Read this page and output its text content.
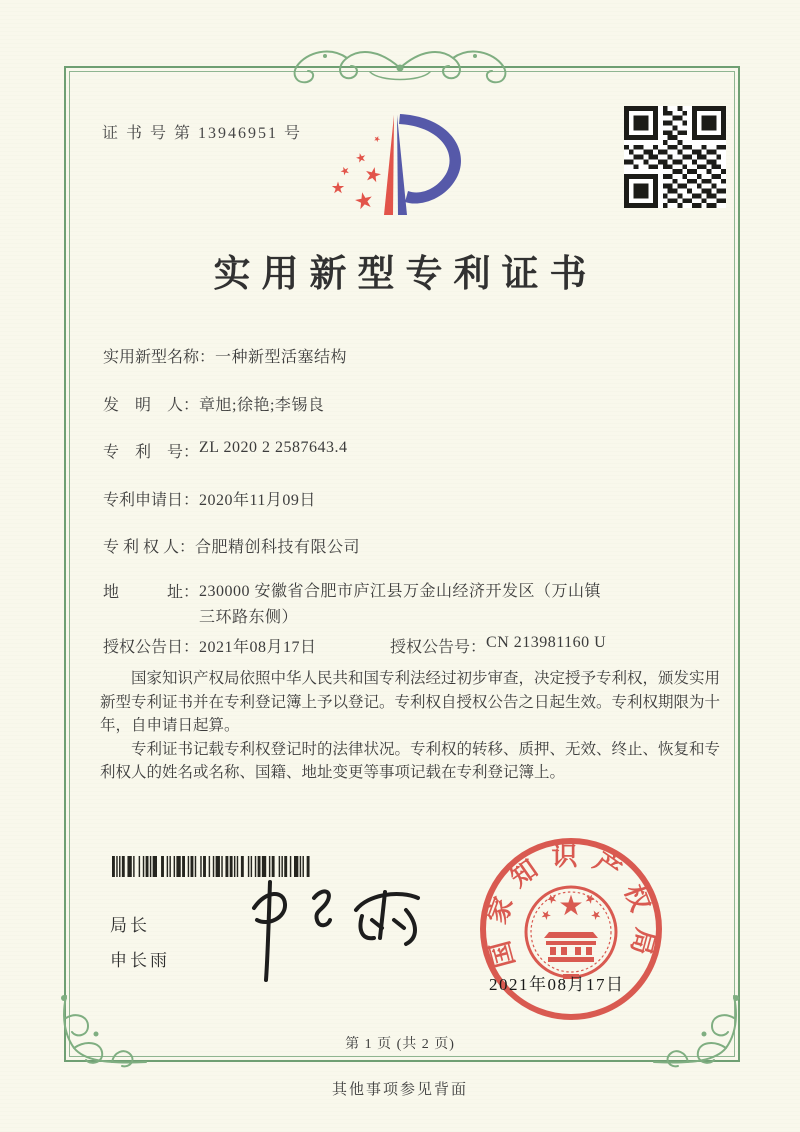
证 书 号 第 13946951 号
实用新型专利证书
实用新型名称：一种新型活塞结构
发　明　人：章旭;徐艳;李锡良
专　利　号：ZL 2020 2 2587643.4
专利申请日：2020年11月09日
专 利 权 人：合肥精创科技有限公司
地　　　址：230000 安徽省合肥市庐江县万金山经济开发区（万山镇三环路东侧）
授权公告日：2021年08月17日	授权公告号：CN 213981160 U

国家知识产权局依照中华人民共和国专利法经过初步审查，决定授予专利权，颁发实用新型专利证书并在专利登记簿上予以登记。专利权自授权公告之日起生效。专利权期限为十年，自申请日起算。

专利证书记载专利权登记时的法律状况。专利权的转移、质押、无效、终止、恢复和专利权人的姓名或名称、国籍、地址变更等事项记载在专利登记簿上。

局长
申长雨	国家知识产权局
2021年08月17日
第 1 页 (共 2 页)
其他事项参见背面
